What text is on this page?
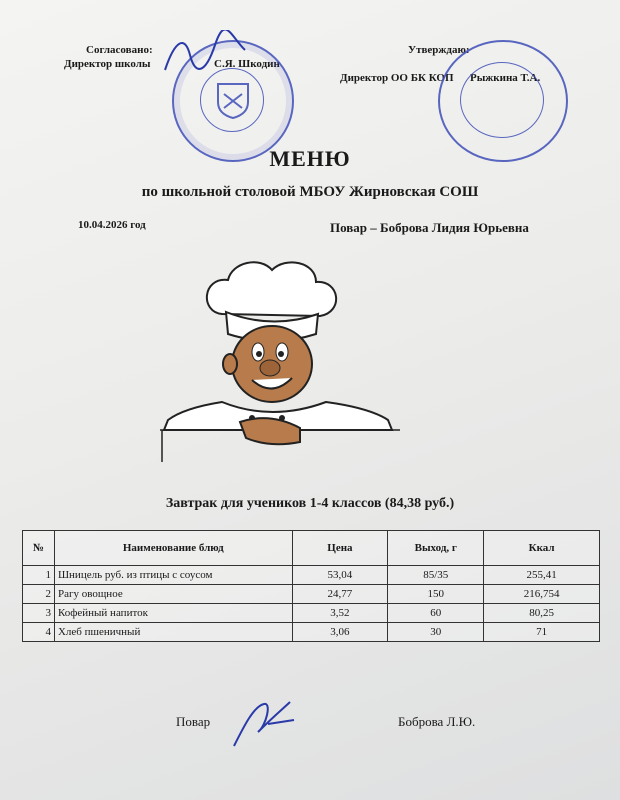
Согласовано:
Директор школы	С.Я. Шкодин
Утверждаю:
Директор ОО БК КОП Рыжкина Т.А.
МЕНЮ
по школьной столовой МБОУ Жирновская СОШ
10.04.2026 год	Повар – Боброва Лидия Юрьевна
Завтрак для учеников 1-4 классов (84,38 руб.)
№	Наименование блюд	Цена	Выход, г	Ккал
1	Шницель руб. из птицы с соусом	53,04	85/35	255,41
2	Рагу овощное	24,77	150	216,754
3	Кофейный напиток	3,52	60	80,25
4	Хлеб пшеничный	3,06	30	71
Повар	Боброва Л.Ю.
